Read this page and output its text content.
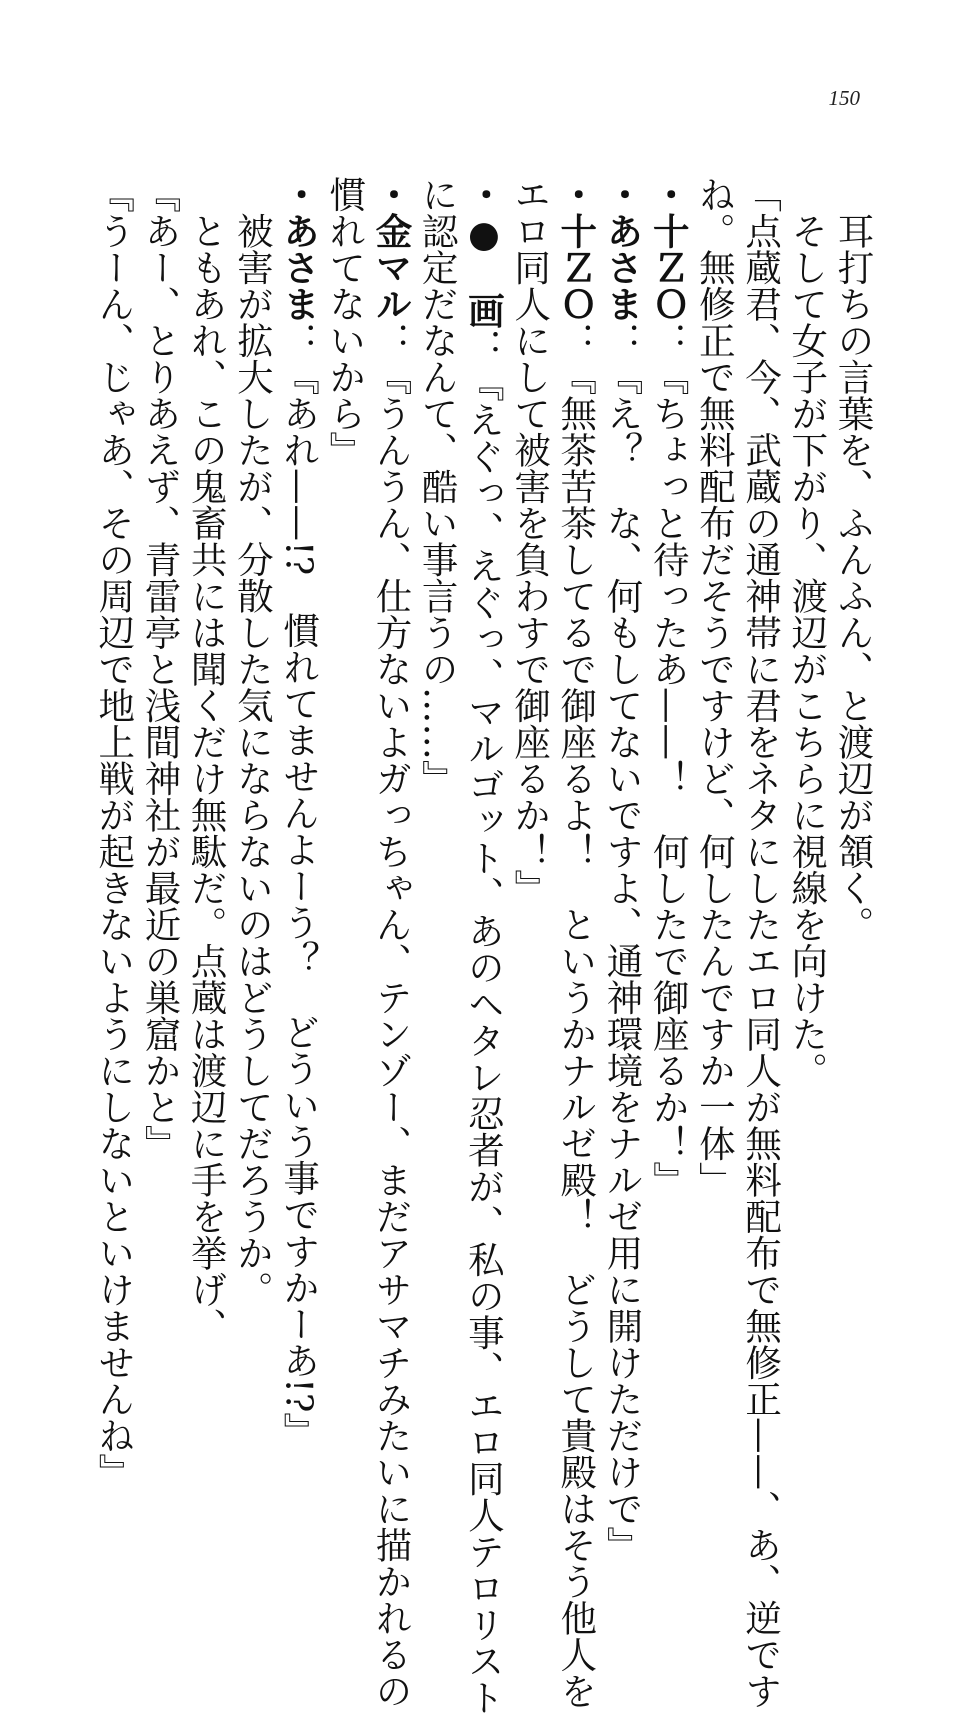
150
　耳打ちの言葉を、ふんふん、と渡辺が頷く。
　そして女子が下がり、渡辺がこちらに視線を向けた。
「点蔵君、今、武蔵の通神帯に君をネタにしたエロ同人が無料配布で無修正——、あ、逆です
ね。無修正で無料配布だそうですけど、何したんですか一体」
・十ＺＯ：『ちょっと待ったあ——！　何したで御座るか！』
・あさま：『え？　な、何もしてないですよ、通神環境をナルゼ用に開けただけで』
・十ＺＯ：『無茶苦茶してるで御座るよ！　というかナルゼ殿！　どうして貴殿はそう他人を
エロ同人にして被害を負わすで御座るか！』
・●　画：『えぐっ、えぐっ、マルゴット、あのヘタレ忍者が、私の事、エロ同人テロリスト
に認定だなんて、酷い事言うの……』
・金マル：『うんうん、仕方ないよガっちゃん、テンゾー、まだアサマチみたいに描かれるの
慣れてないから』
・あさま：『あれ——!?　慣れてませんよーう？　どういう事ですかーあ!?』
　被害が拡大したが、分散した気にならないのはどうしてだろうか。
　ともあれ、この鬼畜共には聞くだけ無駄だ。点蔵は渡辺に手を挙げ、
『あー、とりあえず、青雷亭と浅間神社が最近の巣窟かと』
『うーん、じゃあ、その周辺で地上戦が起きないようにしないといけませんね』
